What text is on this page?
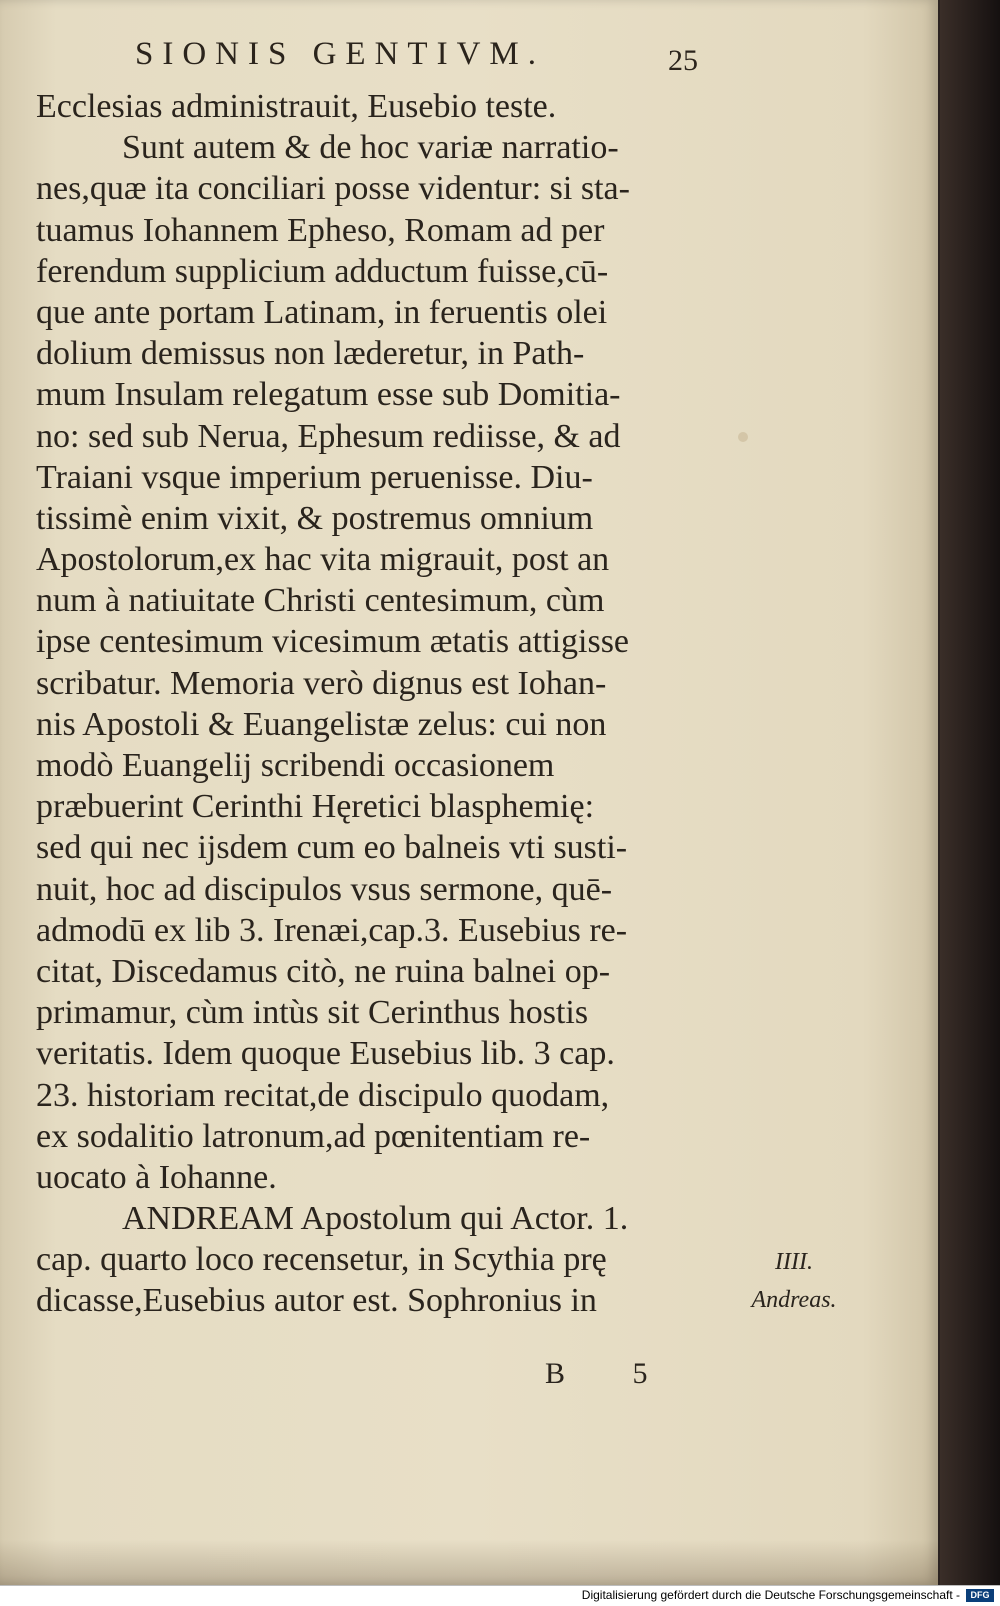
SIONIS GENTIVM.	25
Ecclesias administrauit, Eusebio teste.
Sunt autem & de hoc variæ narratio-
nes,quæ ita conciliari posse videntur: si sta-
tuamus Iohannem Ephesо, Romam ad per
ferendum supplicium adductum fuisse,cū-
que ante portam Latinam, in feruentis olei
dolium demissus non læderetur, in Path-
mum Insulam relegatum esse sub Domitia-
no: sed sub Nerua, Ephesum rediisse, & ad
Traiani vsque imperium peruenisse. Diu-
tissimè enim vixit, & postremus omnium
Apostolorum,ex hac vita migrauit, post an
num à natiuitate Christi centesimum, cùm
ipse centesimum vicesimum ætatis attigisse
scribatur. Memoria verò dignus est Iohan-
nis Apostoli & Euangelistæ zelus: cui non
modò Euangelij scribendi occasionem
præbuerint Cerinthi Hęretici blasphemię:
sed qui nec ijsdem cum eo balneis vti susti-
nuit, hoc ad discipulos vsus sermone, quē-
admodū ex lib 3. Irenæi,cap.3. Eusebius re-
citat, Discedamus citò, ne ruina balnei op-
primamur, cùm intùs sit Cerinthus hostis
veritatis. Idem quoque Eusebius lib. 3 cap.
23. historiam recitat,de discipulo quodam,
ex sodalitio latronum,ad pœnitentiam re-
uocato à Iohanne.
ANDREAM Apostolum qui Actor. 1.
cap. quarto loco recensetur, in Scythia prę
dicasse,Eusebius autor est. Sophronius in
IIII.
Andreas.
B 5
Digitalisierung gefördert durch die Deutsche Forschungsgemeinschaft -	DFG
